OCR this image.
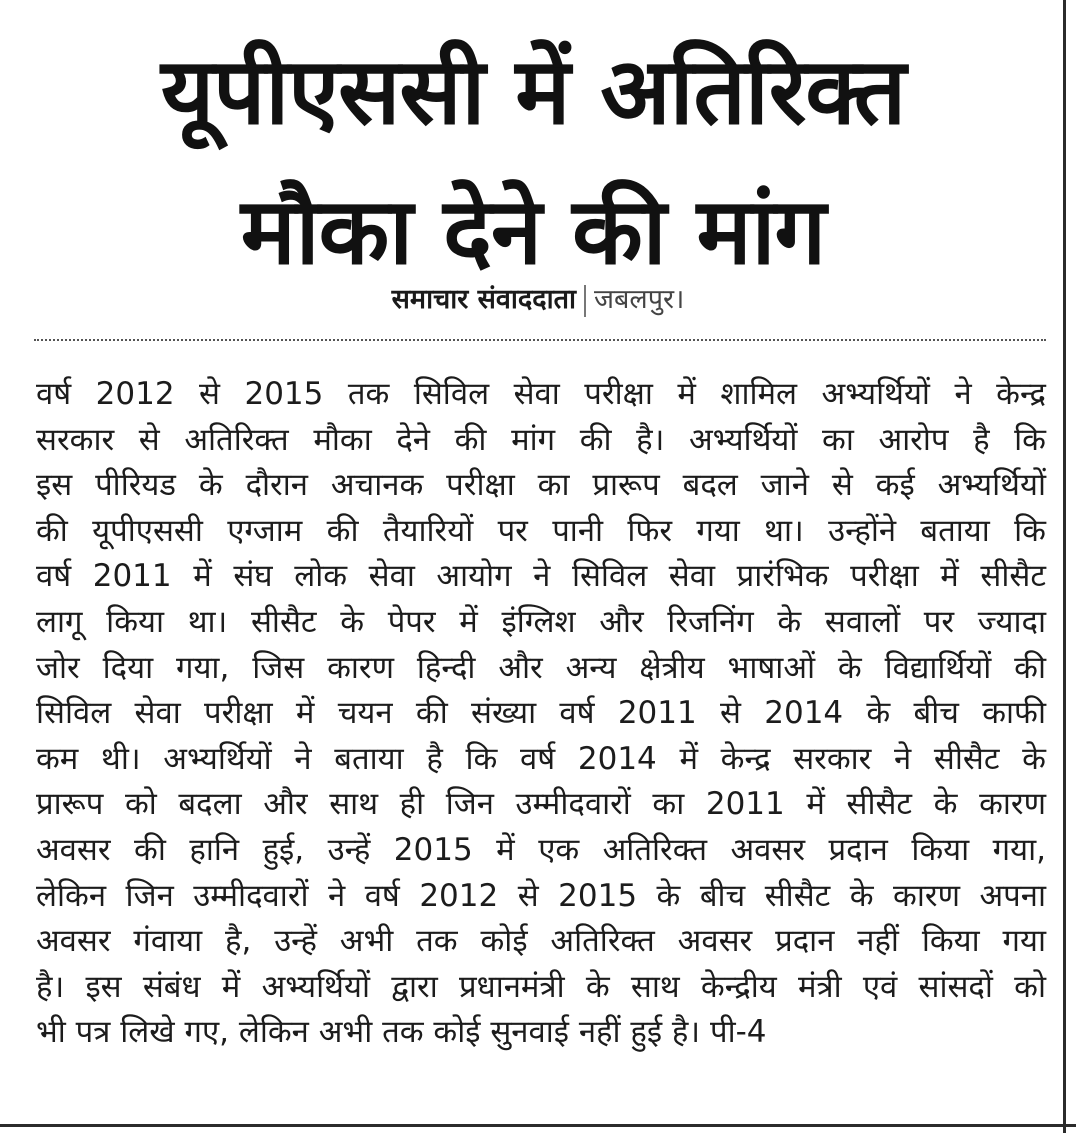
यूपीएससी में अतिरिक्त
मौका देने की मांग
समाचार संवाददाता जबलपुर।
वर्ष 2012 से 2015 तक सिविल सेवा परीक्षा में शामिल अभ्यर्थियों ने केन्द्र
सरकार से अतिरिक्त मौका देने की मांग की है। अभ्यर्थियों का आरोप है कि
इस पीरियड के दौरान अचानक परीक्षा का प्रारूप बदल जाने से कई अभ्यर्थियों
की यूपीएससी एग्जाम की तैयारियों पर पानी फिर गया था। उन्होंने बताया कि
वर्ष 2011 में संघ लोक सेवा आयोग ने सिविल सेवा प्रारंभिक परीक्षा में सीसैट
लागू किया था। सीसैट के पेपर में इंग्लिश और रिजनिंग के सवालों पर ज्यादा
जोर दिया गया, जिस कारण हिन्दी और अन्य क्षेत्रीय भाषाओं के विद्यार्थियों की
सिविल सेवा परीक्षा में चयन की संख्या वर्ष 2011 से 2014 के बीच काफी
कम थी। अभ्यर्थियों ने बताया है कि वर्ष 2014 में केन्द्र सरकार ने सीसैट के
प्रारूप को बदला और साथ ही जिन उम्मीदवारों का 2011 में सीसैट के कारण
अवसर की हानि हुई, उन्हें 2015 में एक अतिरिक्त अवसर प्रदान किया गया,
लेकिन जिन उम्मीदवारों ने वर्ष 2012 से 2015 के बीच सीसैट के कारण अपना
अवसर गंवाया है, उन्हें अभी तक कोई अतिरिक्त अवसर प्रदान नहीं किया गया
है। इस संबंध में अभ्यर्थियों द्वारा प्रधानमंत्री के साथ केन्द्रीय मंत्री एवं सांसदों को
भी पत्र लिखे गए, लेकिन अभी तक कोई सुनवाई नहीं हुई है। पी-4
